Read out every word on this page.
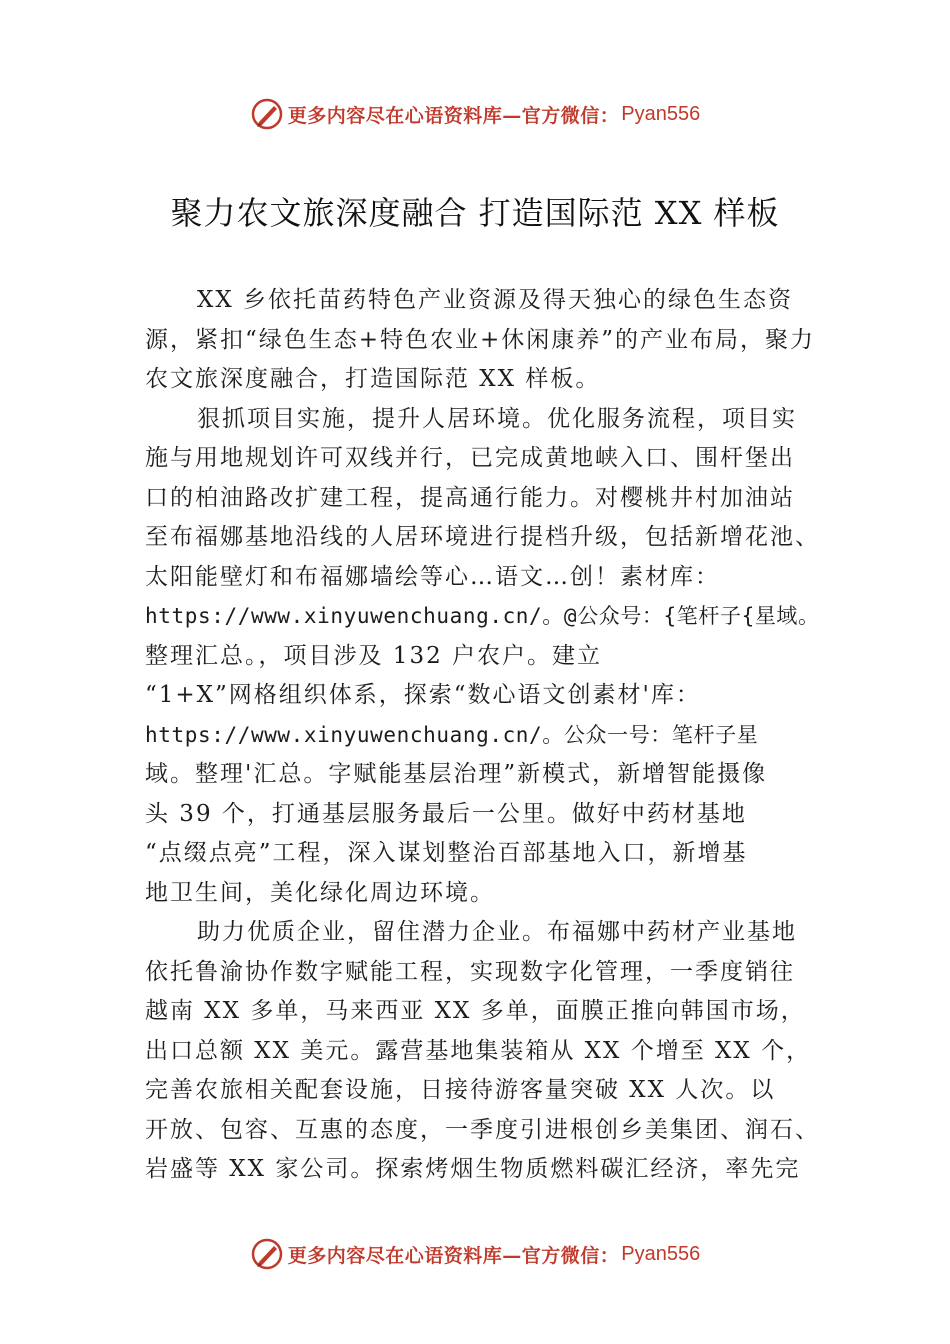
更多内容尽在心语资料库—官方微信： Pyan556
聚力农文旅深度融合 打造国际范 XX 样板
XX 乡依托苗药特色产业资源及得天独心的绿色生态资
源，紧扣“绿色生态+特色农业+休闲康养”的产业布局，聚力
农文旅深度融合，打造国际范 XX 样板。
狠抓项目实施，提升人居环境。优化服务流程，项目实
施与用地规划许可双线并行，已完成黄地峡入口、围杆堡出
口的柏油路改扩建工程，提高通行能力。对樱桃井村加油站
至布福娜基地沿线的人居环境进行提档升级，包括新增花池、
太阳能壁灯和布福娜墙绘等心…语文…创！素材库：
https://www.xinyuwenchuang.cn/。@公众号：{笔杆子{星域。
整理汇总。，项目涉及 132 户农户。建立
“1+X”网格组织体系，探索“数心语文创素材'库：
https://www.xinyuwenchuang.cn/。公众一号：笔杆子星
域。整理'汇总。字赋能基层治理”新模式，新增智能摄像
头 39 个，打通基层服务最后一公里。做好中药材基地
“点缀点亮”工程，深入谋划整治百部基地入口，新增基
地卫生间，美化绿化周边环境。
助力优质企业，留住潜力企业。布福娜中药材产业基地
依托鲁渝协作数字赋能工程，实现数字化管理，一季度销往
越南 XX 多单，马来西亚 XX 多单，面膜正推向韩国市场，
出口总额 XX 美元。露营基地集装箱从 XX 个增至 XX 个，
完善农旅相关配套设施，日接待游客量突破 XX 人次。以
开放、包容、互惠的态度，一季度引进根创乡美集团、润石、
岩盛等 XX 家公司。探索烤烟生物质燃料碳汇经济，率先完
更多内容尽在心语资料库—官方微信： Pyan556
